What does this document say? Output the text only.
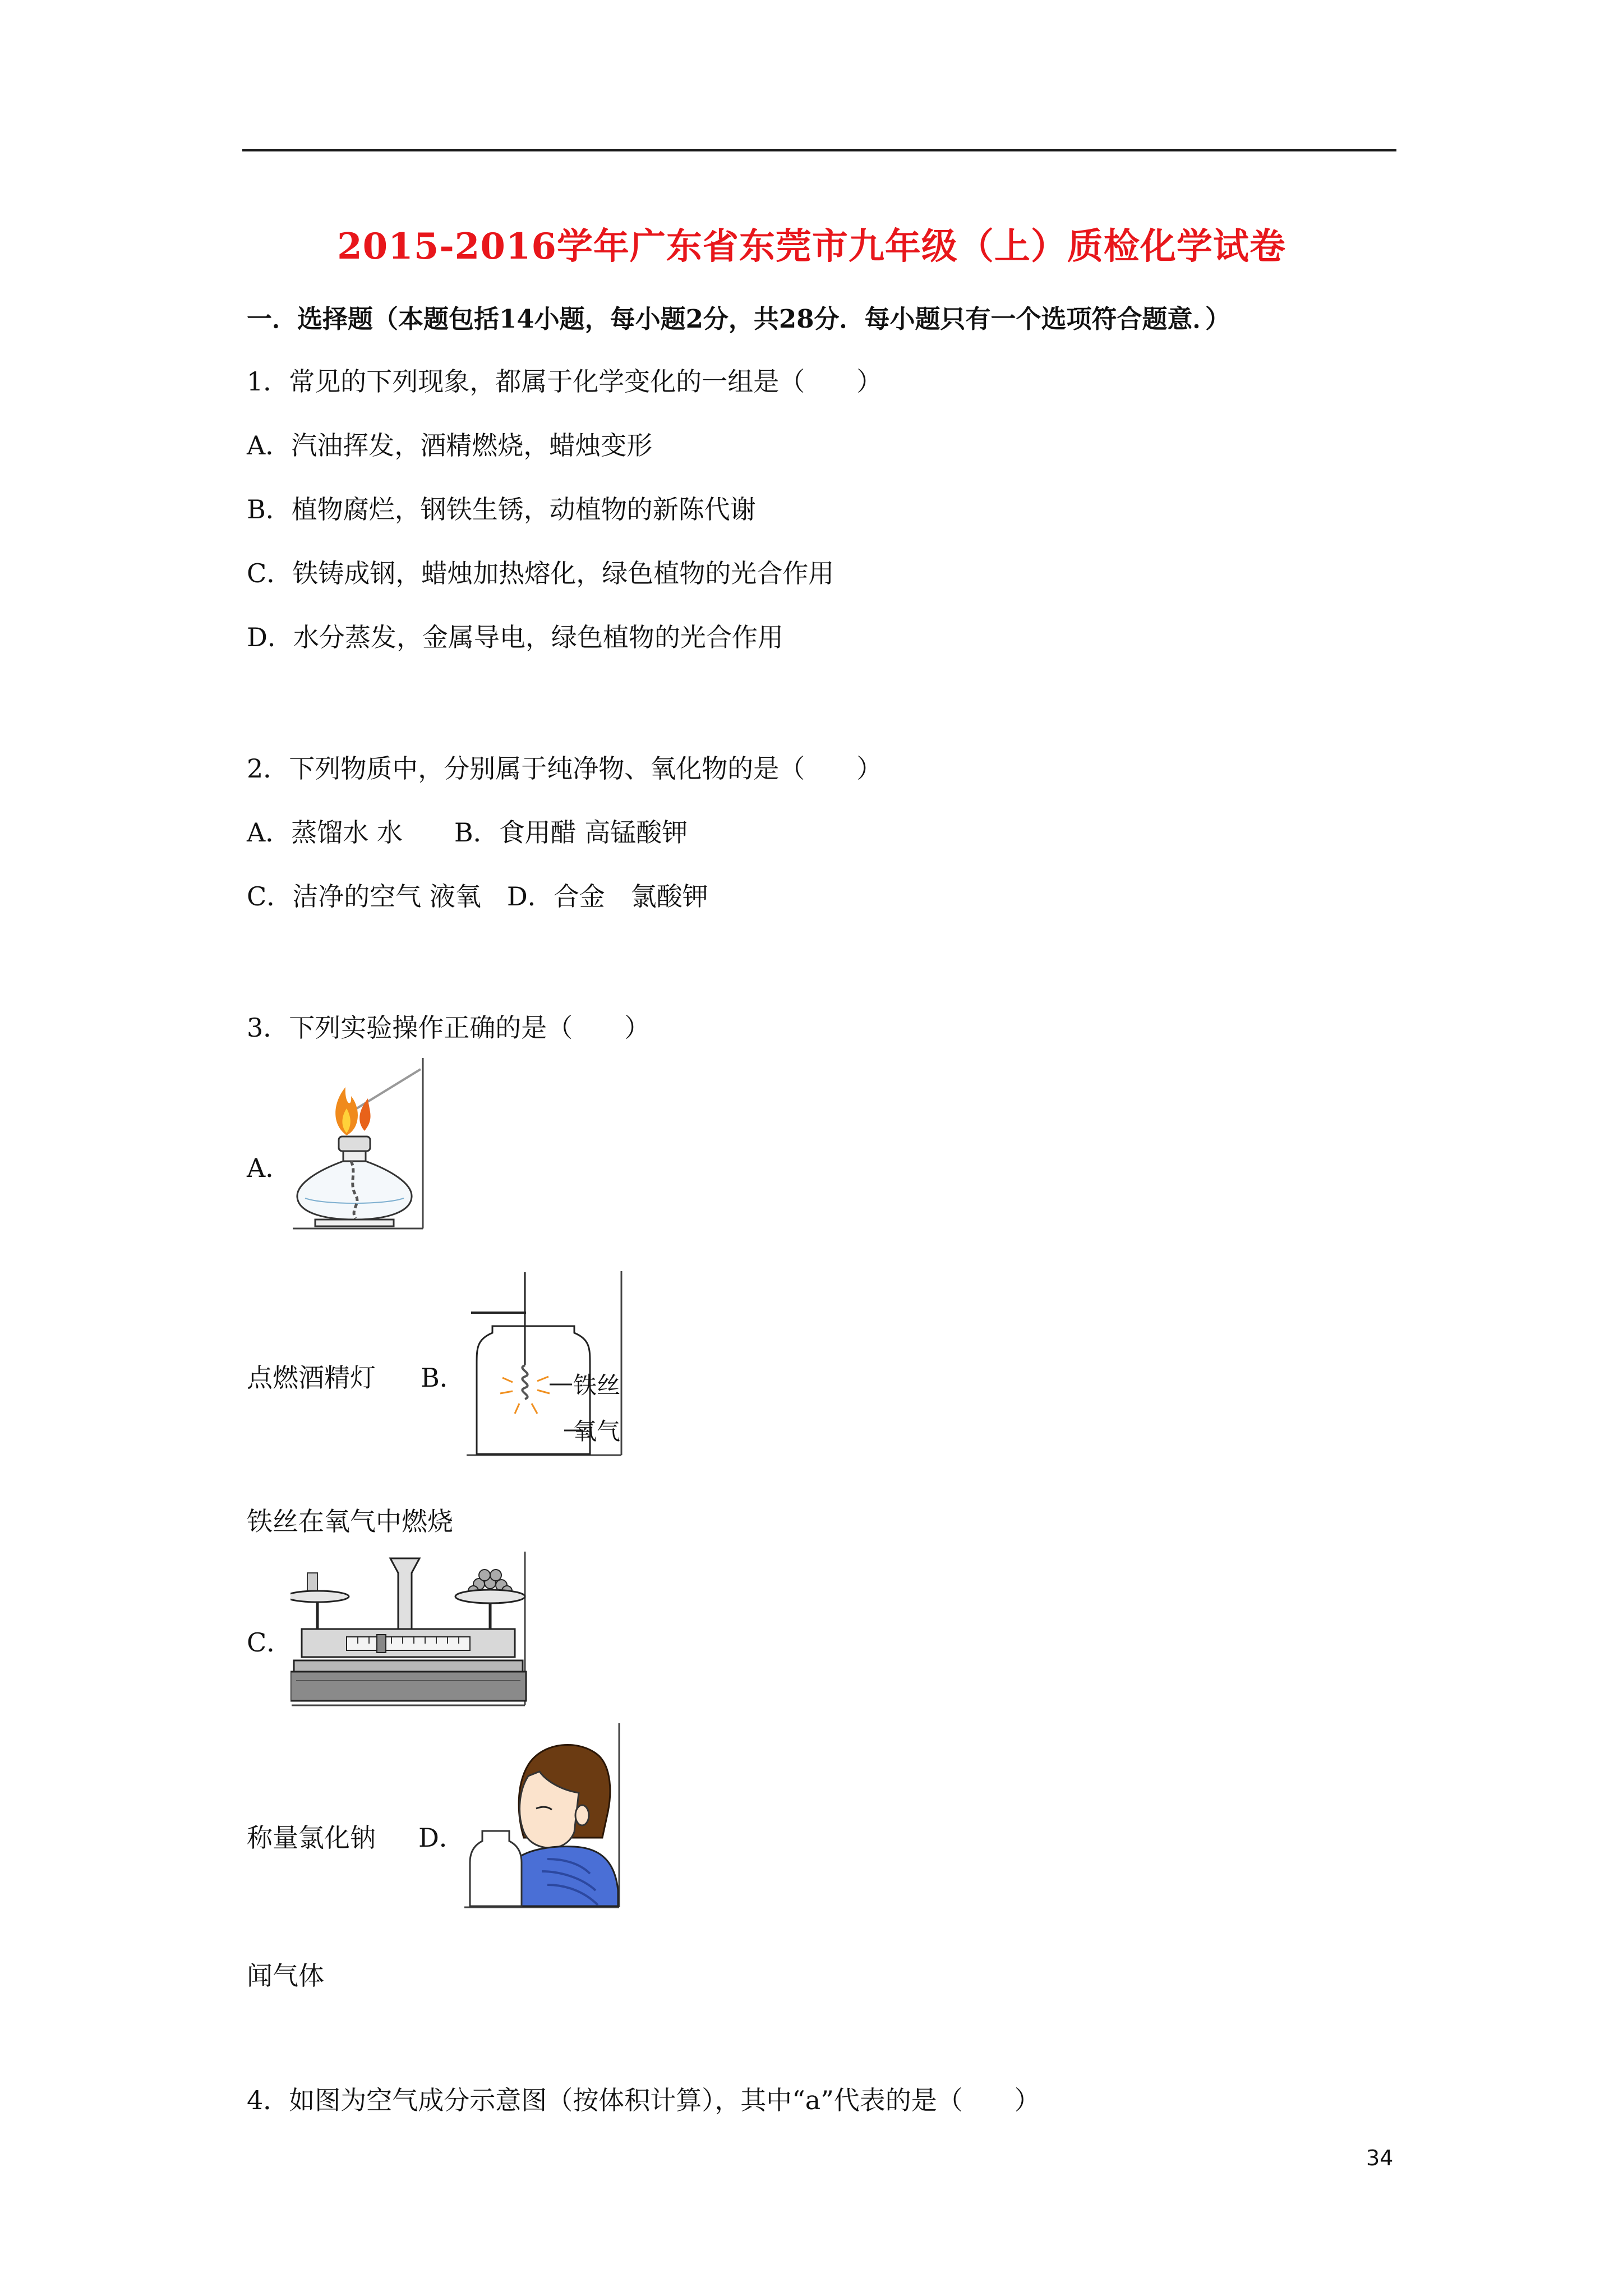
2015-2016学年广东省东莞市九年级（上）质检化学试卷
一．选择题（本题包括14小题，每小题2分，共28分．每小题只有一个选项符合题意．）
1．常见的下列现象，都属于化学变化的一组是（　　）
A．汽油挥发，酒精燃烧，蜡烛变形
B．植物腐烂，钢铁生锈，动植物的新陈代谢
C．铁铸成钢，蜡烛加热熔化，绿色植物的光合作用
D．水分蒸发，金属导电，绿色植物的光合作用
2．下列物质中，分别属于纯净物、氧化物的是（　　）
A．蒸馏水 水　　B．食用醋 高锰酸钾
C．洁净的空气 液氧　D．合金　氯酸钾
3．下列实验操作正确的是（　　）
A．
点燃酒精灯 B．	铁丝
氧气
铁丝在氧气中燃烧
C．
称量氯化钠 D．
闻气体
4．如图为空气成分示意图（按体积计算），其中“a”代表的是（　　）
34
